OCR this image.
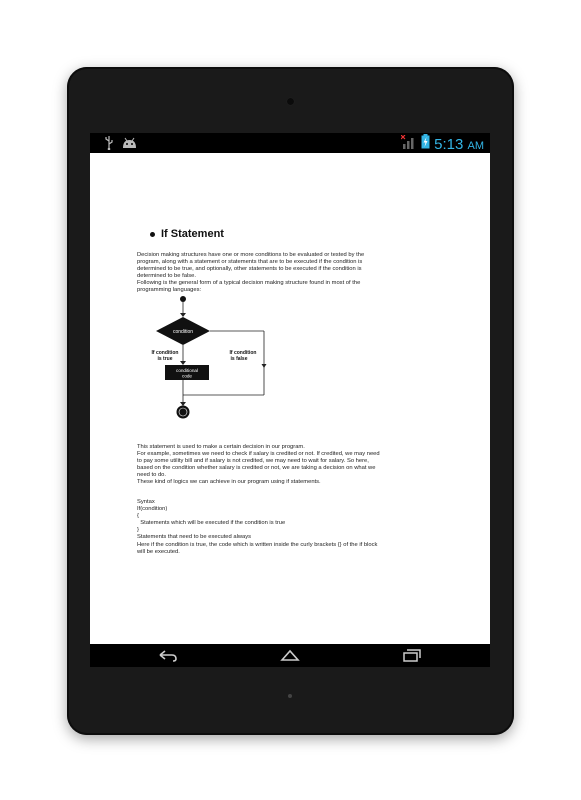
5:13 AM
If Statement
Decision making structures have one or more conditions to be evaluated or tested by the
program, along with a statement or statements that are to be executed if the condition is
determined to be true, and optionally, other statements to be executed if the condition is
determined to be false.
Following is the general form of a typical decision making structure found in most of the
programming languages:
condition
If condition
is true
If condition
is false
conditional
code
This statement is used to make a certain decision in our program.
For example, sometimes we need to check if salary is credited or not. If credited, we may need
to pay some utility bill and if salary is not credited, we may need to wait for salary. So here,
based on the condition whether salary is credited or not, we are taking a decision on what we
need to do.
These kind of logics we can achieve in our program using if statements.
Syntax
If(condition)
{
Statements which will be executed if the condition is true
}
Statements that need to be executed always
Here if the condition is true, the code which is written inside the curly brackets {} of the if block
will be executed.
